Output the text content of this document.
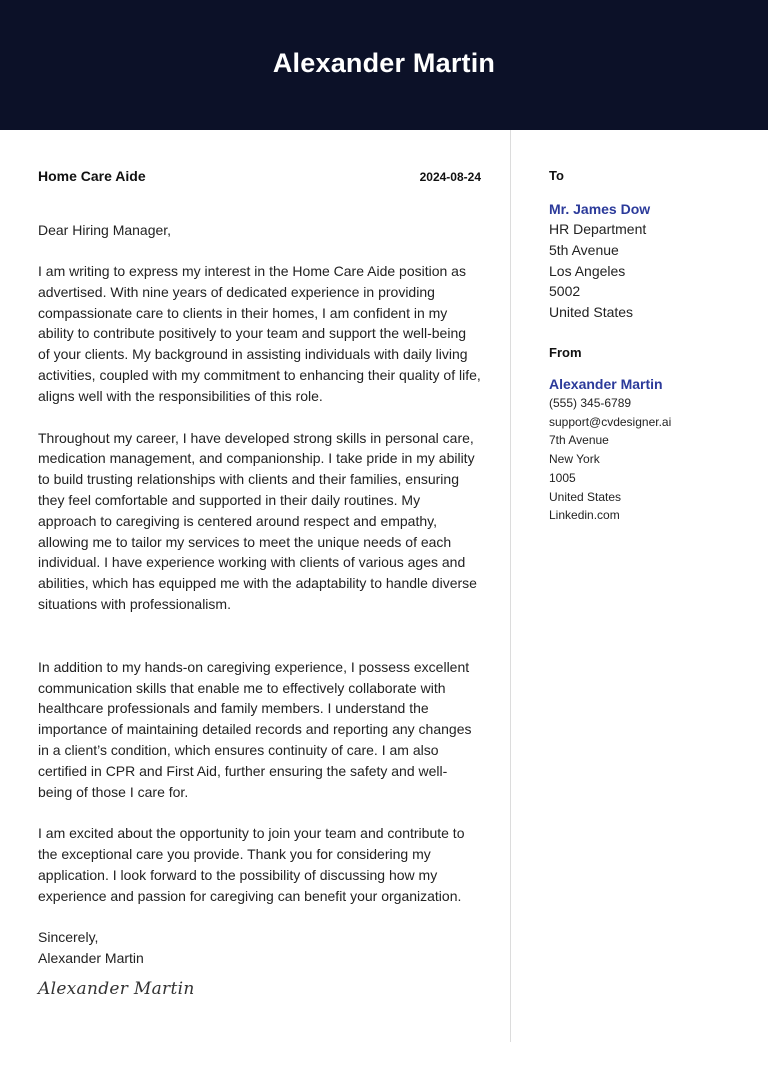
Alexander Martin
Home Care Aide	2024-08-24
Dear Hiring Manager,

I am writing to express my interest in the Home Care Aide position as advertised. With nine years of dedicated experience in providing compassionate care to clients in their homes, I am confident in my ability to contribute positively to your team and support the well-being of your clients. My background in assisting individuals with daily living activities, coupled with my commitment to enhancing their quality of life, aligns well with the responsibilities of this role.

Throughout my career, I have developed strong skills in personal care, medication management, and companionship. I take pride in my ability to build trusting relationships with clients and their families, ensuring they feel comfortable and supported in their daily routines. My approach to caregiving is centered around respect and empathy, allowing me to tailor my services to meet the unique needs of each individual. I have experience working with clients of various ages and abilities, which has equipped me with the adaptability to handle diverse situations with professionalism.

In addition to my hands-on caregiving experience, I possess excellent communication skills that enable me to effectively collaborate with healthcare professionals and family members. I understand the importance of maintaining detailed records and reporting any changes in a client’s condition, which ensures continuity of care. I am also certified in CPR and First Aid, further ensuring the safety and well-being of those I care for.

I am excited about the opportunity to join your team and contribute to the exceptional care you provide. Thank you for considering my application. I look forward to the possibility of discussing how my experience and passion for caregiving can benefit your organization.

Sincerely,
Alexander Martin
Alexander Martin
To
Mr. James Dow
HR Department
5th Avenue
Los Angeles
5002
United States
From
Alexander Martin
(555) 345-6789
support@cvdesigner.ai
7th Avenue
New York
1005
United States
Linkedin.com
